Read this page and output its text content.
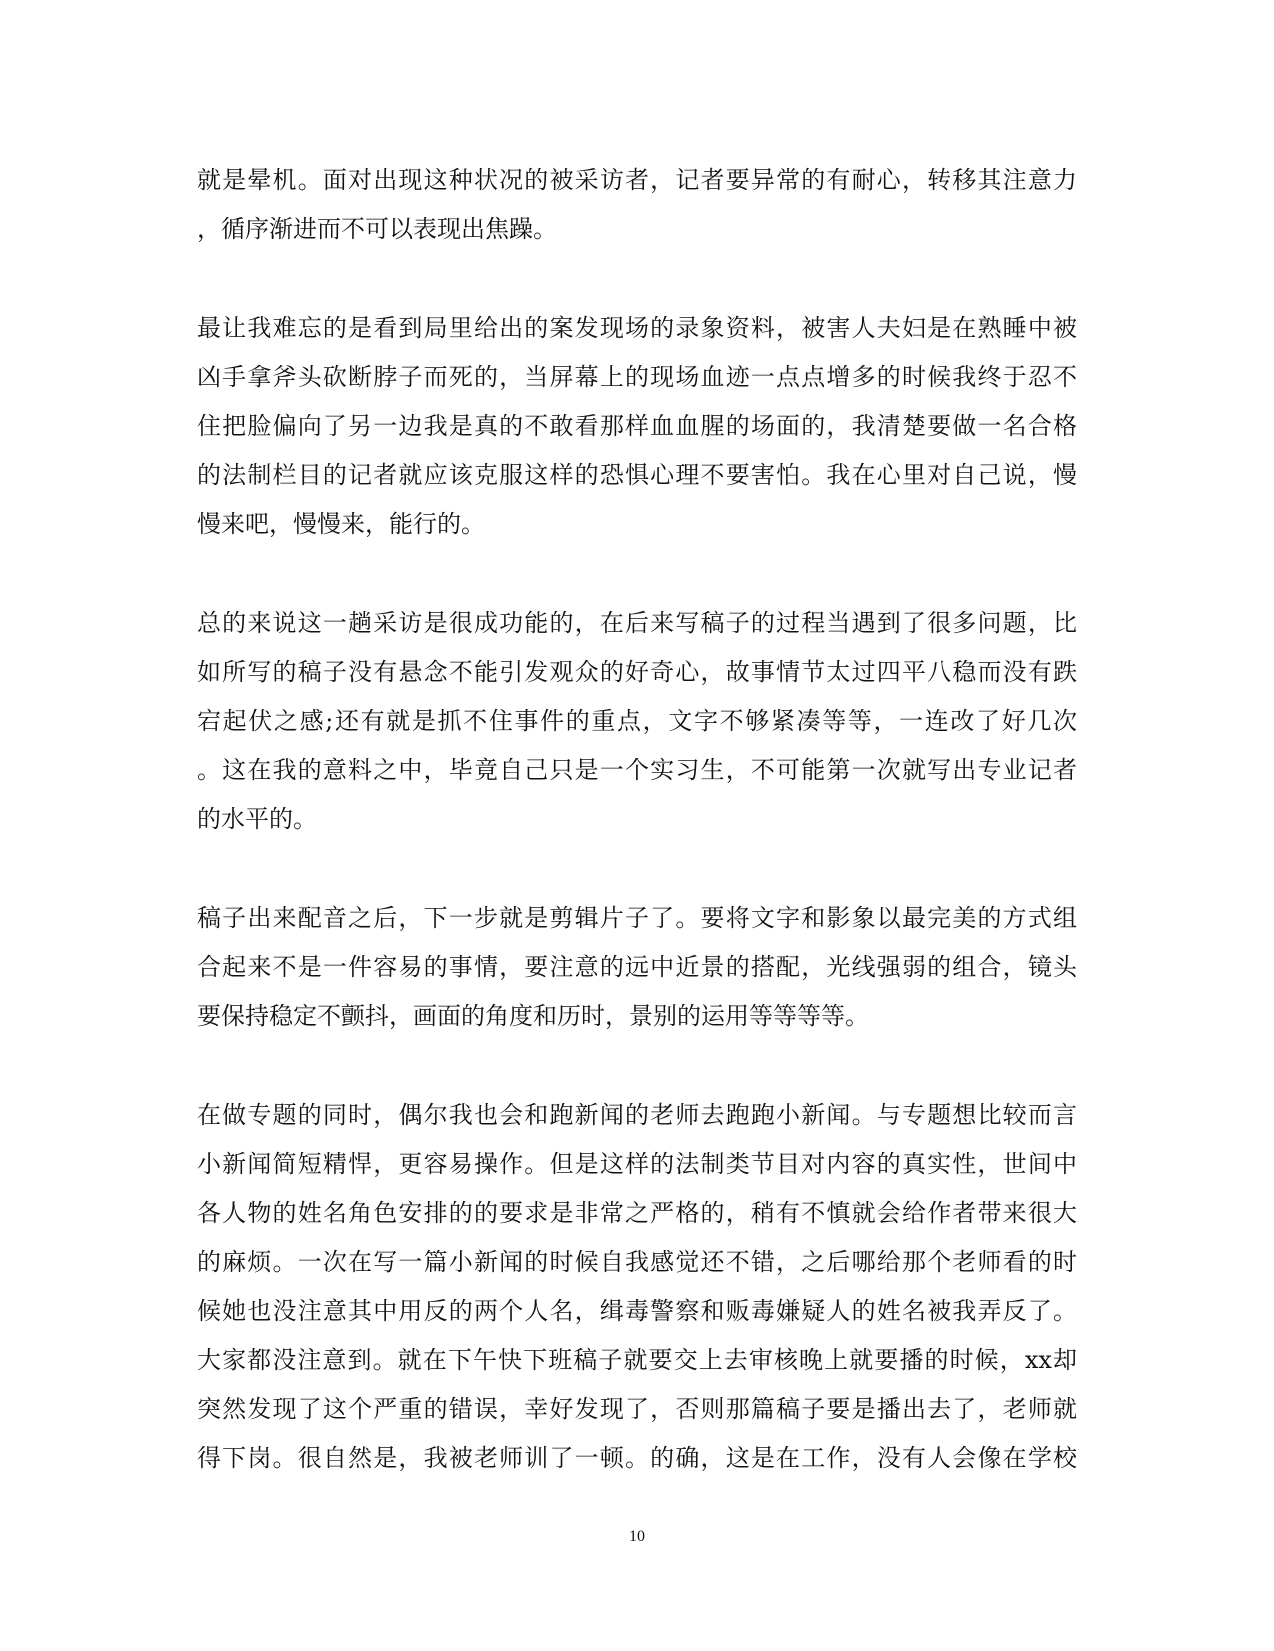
就是晕机。面对出现这种状况的被采访者，记者要异常的有耐心，转移其注意力
，循序渐进而不可以表现出焦躁。

最让我难忘的是看到局里给出的案发现场的录象资料，被害人夫妇是在熟睡中被
凶手拿斧头砍断脖子而死的，当屏幕上的现场血迹一点点增多的时候我终于忍不
住把脸偏向了另一边我是真的不敢看那样血血腥的场面的，我清楚要做一名合格
的法制栏目的记者就应该克服这样的恐惧心理不要害怕。我在心里对自己说，慢
慢来吧，慢慢来，能行的。

总的来说这一趟采访是很成功能的，在后来写稿子的过程当遇到了很多问题，比
如所写的稿子没有悬念不能引发观众的好奇心，故事情节太过四平八稳而没有跌
宕起伏之感;还有就是抓不住事件的重点，文字不够紧凑等等，一连改了好几次
。这在我的意料之中，毕竟自己只是一个实习生，不可能第一次就写出专业记者
的水平的。

稿子出来配音之后，下一步就是剪辑片子了。要将文字和影象以最完美的方式组
合起来不是一件容易的事情，要注意的远中近景的搭配，光线强弱的组合，镜头
要保持稳定不颤抖，画面的角度和历时，景别的运用等等等等。

在做专题的同时，偶尔我也会和跑新闻的老师去跑跑小新闻。与专题想比较而言
小新闻简短精悍，更容易操作。但是这样的法制类节目对内容的真实性，世间中
各人物的姓名角色安排的的要求是非常之严格的，稍有不慎就会给作者带来很大
的麻烦。一次在写一篇小新闻的时候自我感觉还不错，之后哪给那个老师看的时
候她也没注意其中用反的两个人名，缉毒警察和贩毒嫌疑人的姓名被我弄反了。
大家都没注意到。就在下午快下班稿子就要交上去审核晚上就要播的时候，xx却
突然发现了这个严重的错误，幸好发现了，否则那篇稿子要是播出去了，老师就
得下岗。很自然是，我被老师训了一顿。的确，这是在工作，没有人会像在学校

10
